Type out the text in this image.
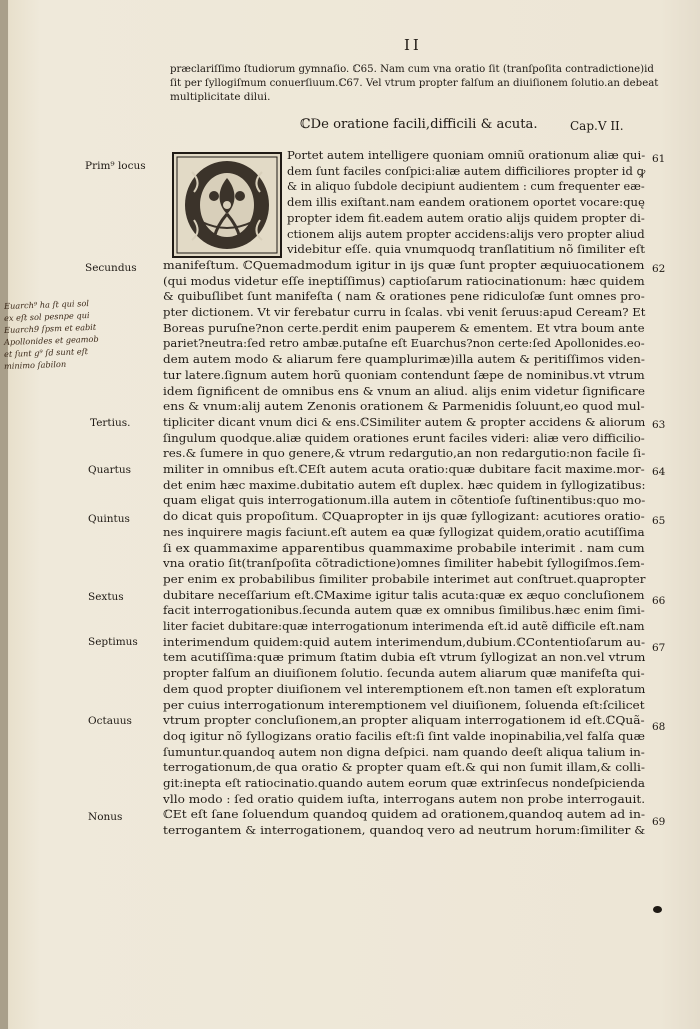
II
præclariſſimo ſtudiorum gymnaſio. ℂ65. Nam cum vna oratio ſit (tranſpoſita contradictione)id
ſit per ſyllogiſmum conuerſiuum.ℂ67. Vel vtrum propter falſum an diuiſionem ſolutio.an debeat
multiplicitate dilui.
ℂDe oratione facili,difficili & acuta.	Cap.V II.
Portet autem intelligere quoniam omniũ orationum aliæ qui-
dem ſunt faciles conſpici:aliæ autem difficiliores propter id ꝙ
& in aliquo ſubdole decipiunt audientem : cum frequenter eæ-
dem illis exiſtant.nam eandem orationem oportet vocare:quę
propter idem fit.eadem autem oratio alijs quidem propter di-
ctionem alijs autem propter accidens:alijs vero propter aliud
videbitur eſſe. quia vnumquodq tranſlatitium nõ ſimiliter eſt
manifeſtum. ℂQuemadmodum igitur in ijs quæ ſunt propter æquiuocationem
(qui modus videtur eſſe ineptiſſimus) captioſarum ratiocinationum: hæc quidem
& quibuſlibet ſunt manifeſta ( nam & orationes pene ridiculoſæ ſunt omnes pro-
pter dictionem. Vt vir ferebatur curru in ſcalas. vbi venit ſeruus:apud Ceream? Et
Boreas puruſne?non certe.perdit enim pauperem & ementem. Et vtra boum ante
pariet?neutra:ſed retro ambæ.putaſne eſt Euarchus?non certe:ſed Apollonides.eo-
dem autem modo & aliarum fere quamplurimæ)illa autem & peritiſſimos viden-
tur latere.ſignum autem horũ quoniam contendunt ſæpe de nominibus.vt vtrum
idem ſignificent de omnibus ens & vnum an aliud. alijs enim videtur ſignificare
ens & vnum:alij autem Zenonis orationem & Parmenidis ſoluunt,eo quod mul-
tipliciter dicant vnum dici & ens.ℂSimiliter autem & propter accidens & aliorum
ſingulum quodque.aliæ quidem orationes erunt faciles videri: aliæ vero difficilio-
res.& ſumere in quo genere,& vtrum redargutio,an non redargutio:non facile ſi-
militer in omnibus eſt.ℂEſt autem acuta oratio:quæ dubitare facit maxime.mor-
det enim hæc maxime.dubitatio autem eſt duplex. hæc quidem in ſyllogizatibus:
quam eligat quis interrogationum.illa autem in cõtentioſe ſuſtinentibus:quo mo-
do dicat quis propoſitum. ℂQuapropter in ijs quæ ſyllogizant: acutiores oratio-
nes inquirere magis faciunt.eſt autem ea quæ ſyllogizat quidem,oratio acutiſſima
ſi ex quammaxime apparentibus quammaxime probabile interimit . nam cum
vna oratio ſit(tranſpoſita cõtradictione)omnes ſimiliter habebit ſyllogiſmos.ſem-
per enim ex probabilibus ſimiliter probabile interimet aut conſtruet.quapropter
dubitare neceſſarium eſt.ℂMaxime igitur talis acuta:quæ ex æquo concluſionem
facit interrogationibus.ſecunda autem quæ ex omnibus ſimilibus.hæc enim ſimi-
liter faciet dubitare:quæ interrogationum interimenda eſt.id autẽ difficile eſt.nam
interimendum quidem:quid autem interimendum,dubium.ℂContentioſarum au-
tem acutiſſima:quæ primum ſtatim dubia eſt vtrum ſyllogizat an non.vel vtrum
propter falſum an diuiſionem ſolutio. ſecunda autem aliarum quæ manifeſta qui-
dem quod propter diuiſionem vel interemptionem eſt.non tamen eſt exploratum
per cuius interrogationum interemptionem vel diuiſionem, ſoluenda eſt:ſcilicet
vtrum propter concluſionem,an propter aliquam interrogationem id eſt.ℂQuã-
doq igitur nõ ſyllogizans oratio facilis eſt:ſi ſint valde inopinabilia,vel falſa quæ
ſumuntur.quandoq autem non digna deſpici. nam quando deeſt aliqua talium in-
terrogationum,de qua oratio & propter quam eſt.& qui non ſumit illam,& colli-
git:inepta eſt ratiocinatio.quando autem eorum quæ extrinſecus nondeſpicienda
vllo modo : ſed oratio quidem iuſta, interrogans autem non probe interrogauit.
ℂEt eſt ſane ſoluendum quandoq quidem ad orationem,quandoq autem ad in-
terrogantem & interrogationem, quandoq vero ad neutrum horum:ſimiliter &
61
62
63
64
65
66
67
68
69
Prim⁹ locus
Secundus
Tertius.
Quartus
Quintus
Sextus
Septimus
Octauus
Nonus
Euarch⁹ ha ſt qui sol
ex eſt sol pesnpe qui
Euarch9 ſpsm et eabit
Apollonides et geamob
et ſunt g⁹ ſd sunt eſt
minimo ſabilon
